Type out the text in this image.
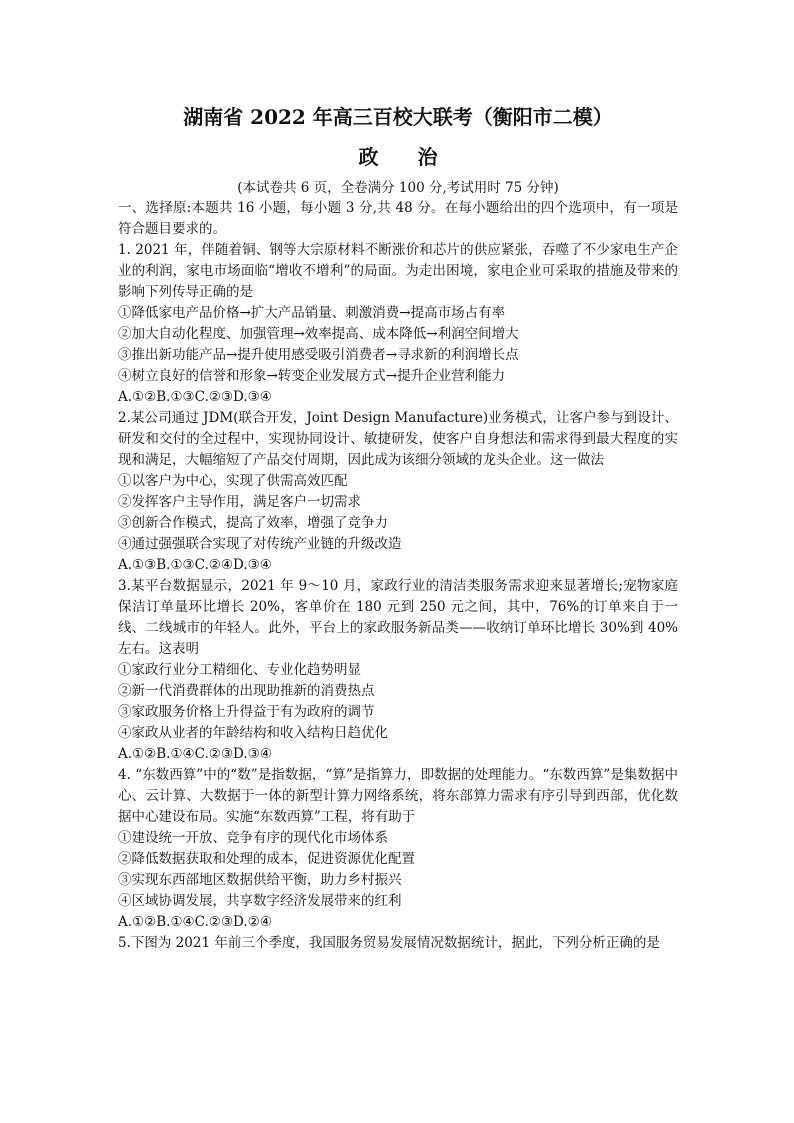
湖南省 2022 年高三百校大联考（衡阳市二模）
政 治
(本试卷共 6 页，全卷满分 100 分,考试用时 75 分钟)

一、选择原:本题共 16 小题，每小题 3 分,共 48 分。在每小题给出的四个选项中，有一项是符合题目要求的。

1. 2021 年，伴随着铜、钢等大宗原材料不断涨价和芯片的供应紧张，吞噬了不少家电生产企业的利润，家电市场面临“增收不增利”的局面。为走出困境，家电企业可采取的措施及带来的影响下列传导正确的是

①降低家电产品价格→扩大产品销量、刺激消费→提高市场占有率

②加大自动化程度、加强管理→效率提高、成本降低→利润空间增大

③推出新功能产品→提升使用感受吸引消费者→寻求新的利润增长点

④树立良好的信誉和形象→转变企业发展方式→提升企业营利能力

A.①②B.①③C.②③D.③④

2.某公司通过 JDM(联合开发，Joint Design Manufacture)业务模式，让客户参与到设计、研发和交付的全过程中，实现协同设计、敏捷研发，使客户自身想法和需求得到最大程度的实现和满足，大幅缩短了产品交付周期，因此成为该细分领域的龙头企业。这一做法

①以客户为中心，实现了供需高效匹配

②发挥客户主导作用，满足客户一切需求

③创新合作模式，提高了效率，增强了竞争力

④通过强强联合实现了对传统产业链的升级改造

A.①③B.①③C.②④D.③④

3.某平台数据显示，2021 年 9～10 月，家政行业的清洁类服务需求迎来显著增长;宠物家庭保洁订单量环比增长 20%，客单价在 180 元到 250 元之间，其中，76%的订单来自于一线、二线城市的年轻人。此外，平台上的家政服务新品类——收纳订单环比增长 30%到 40%左右。这表明

①家政行业分工精细化、专业化趋势明显

②新一代消费群体的出现助推新的消费热点

③家政服务价格上升得益于有为政府的调节

④家政从业者的年龄结构和收入结构日趋优化

A.①②B.①④C.②③D.③④

4. “东数西算”中的“数”是指数据，“算”是指算力，即数据的处理能力。“东数西算”是集数据中心、云计算、大数据于一体的新型计算力网络系统，将东部算力需求有序引导到西部，优化数据中心建设布局。实施“东数西算”工程，将有助于

①建设统一开放、竞争有序的现代化市场体系

②降低数据获取和处理的成本，促进资源优化配置

③实现东西部地区数据供给平衡，助力乡村振兴

④区域协调发展，共享数字经济发展带来的红利

A.①②B.①④C.②③D.②④

5.下图为 2021 年前三个季度，我国服务贸易发展情况数据统计，据此，下列分析正确的是
